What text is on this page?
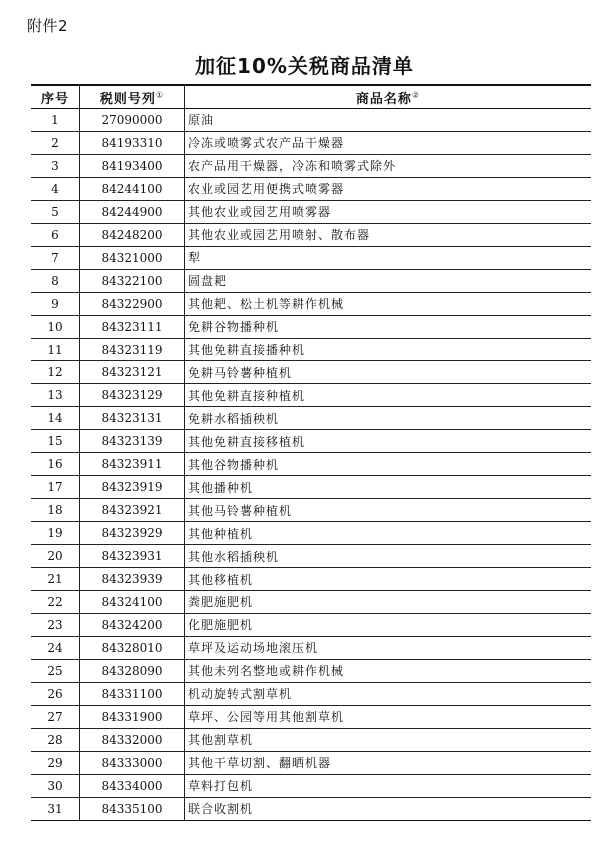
附件2
加征10%关税商品清单
序号	税则号列①	商品名称②
1	27090000	原油
2	84193310	冷冻或喷雾式农产品干燥器
3	84193400	农产品用干燥器，冷冻和喷雾式除外
4	84244100	农业或园艺用便携式喷雾器
5	84244900	其他农业或园艺用喷雾器
6	84248200	其他农业或园艺用喷射、散布器
7	84321000	犁
8	84322100	圆盘耙
9	84322900	其他耙、松土机等耕作机械
10	84323111	免耕谷物播种机
11	84323119	其他免耕直接播种机
12	84323121	免耕马铃薯种植机
13	84323129	其他免耕直接种植机
14	84323131	免耕水稻插秧机
15	84323139	其他免耕直接移植机
16	84323911	其他谷物播种机
17	84323919	其他播种机
18	84323921	其他马铃薯种植机
19	84323929	其他种植机
20	84323931	其他水稻插秧机
21	84323939	其他移植机
22	84324100	粪肥施肥机
23	84324200	化肥施肥机
24	84328010	草坪及运动场地滚压机
25	84328090	其他未列名整地或耕作机械
26	84331100	机动旋转式割草机
27	84331900	草坪、公园等用其他割草机
28	84332000	其他割草机
29	84333000	其他干草切割、翻晒机器
30	84334000	草料打包机
31	84335100	联合收割机
